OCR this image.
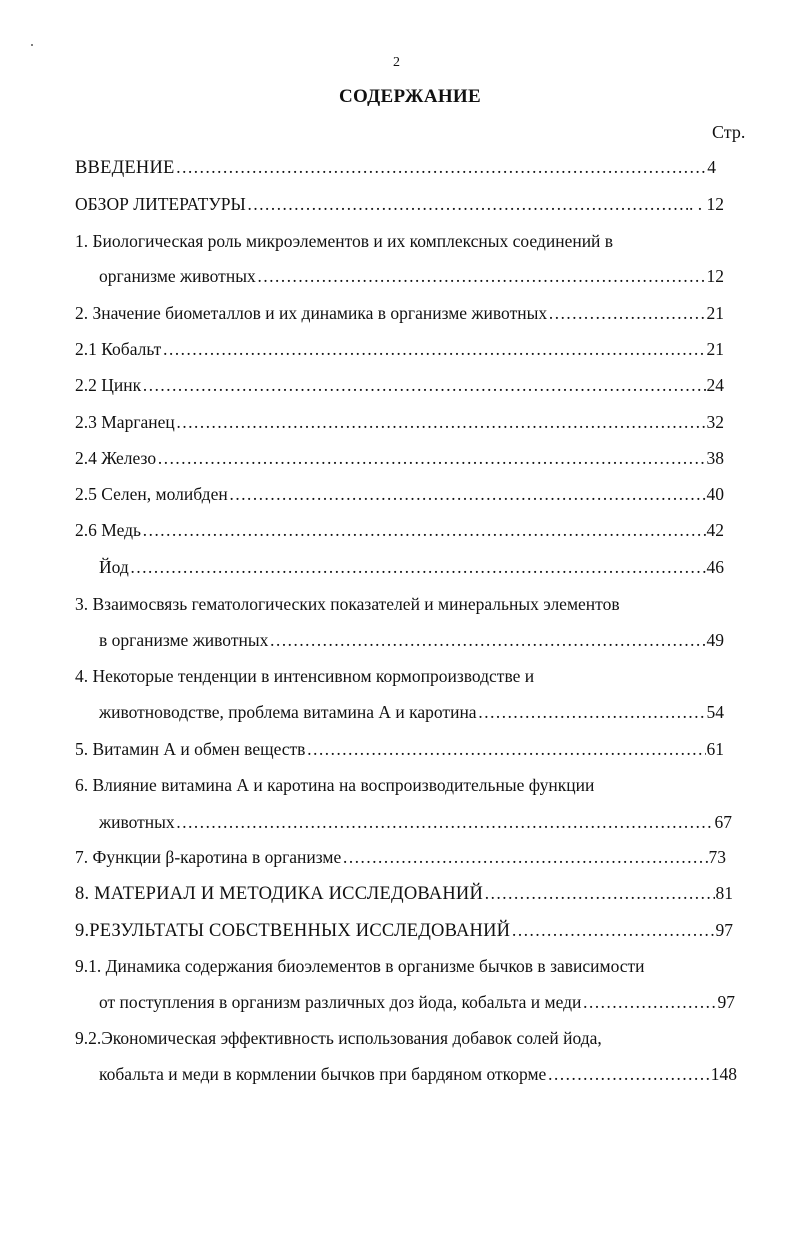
2
СОДЕРЖАНИЕ
Стр.
ВВЕДЕНИЕ ……………………………………………………………………………………………………………………………………………………	4
ОБЗОР ЛИТЕРАТУРЫ ……………………………………………………………………………………………………………………………………………………	. . 12
1. Биологическая роль микроэлементов и их комплексных соединений в
организме животных ……………………………………………………………………………………………………………………………………………………	12
2. Значение биометаллов и их динамика в организме животных ……………………………………………………………………………………………………………………………………………………	21
2.1 Кобальт ……………………………………………………………………………………………………………………………………………………	21
2.2 Цинк ……………………………………………………………………………………………………………………………………………………	24
2.3 Марганец ……………………………………………………………………………………………………………………………………………………	32
2.4 Железо ……………………………………………………………………………………………………………………………………………………	38
2.5 Селен, молибден ……………………………………………………………………………………………………………………………………………………	40
2.6 Медь ……………………………………………………………………………………………………………………………………………………	42
Йод ……………………………………………………………………………………………………………………………………………………	46
3. Взаимосвязь гематологических показателей и минеральных элементов
в организме животных ……………………………………………………………………………………………………………………………………………………	49
4. Некоторые тенденции в интенсивном кормопроизводстве и
животноводстве, проблема витамина А и каротина ……………………………………………………………………………………………………………………………………………………	54
5. Витамин А и обмен веществ ……………………………………………………………………………………………………………………………………………………	61
6. Влияние витамина А и каротина на воспроизводительные функции
животных ……………………………………………………………………………………………………………………………………………………	67
7. Функции β-каротина в организме ……………………………………………………………………………………………………………………………………………………	73
8. МАТЕРИАЛ И МЕТОДИКА ИССЛЕДОВАНИЙ ……………………………………………………………………………………………………………………………………………………	81
9.РЕЗУЛЬТАТЫ СОБСТВЕННЫХ ИССЛЕДОВАНИЙ ……………………………………………………………………………………………………………………………………………………	97
9.1. Динамика содержания биоэлементов в организме бычков в зависимости
от поступления в организм различных доз йода, кобальта и меди ……………………………………………………………………………………………………………………………………………………	97
9.2.Экономическая эффективность использования добавок солей йода,
кобальта и меди в кормлении бычков при бардяном откорме ……………………………………………………………………………………………………………………………………………………	148
